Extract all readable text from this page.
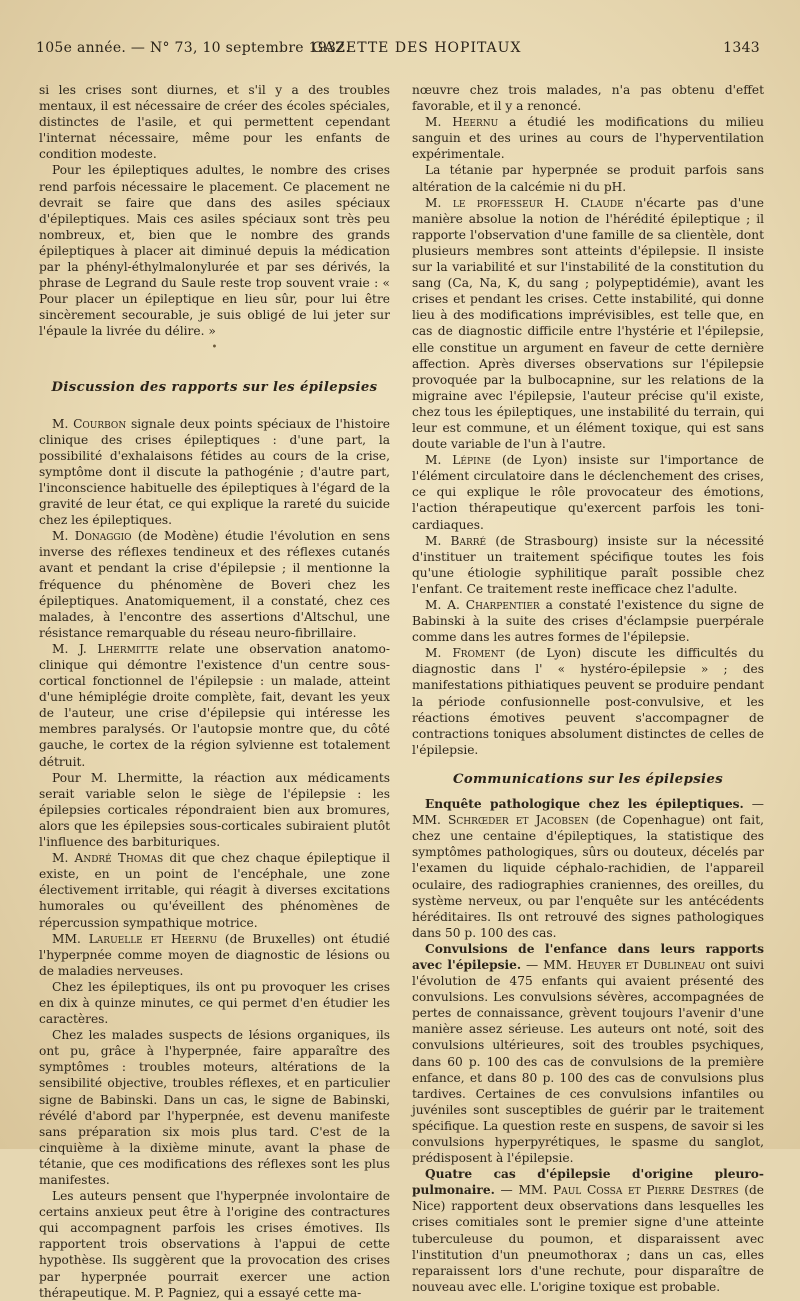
105e année. — N° 73, 10 septembre 1932.
GAZETTE DES HOPITAUX	1343

si les crises sont diurnes, et s'il y a des troubles mentaux, il est nécessaire de créer des écoles spéciales, distinctes de l'asile, et qui permettent cependant l'internat nécessaire, même pour les enfants de condition modeste.

Pour les épileptiques adultes, le nombre des crises rend parfois nécessaire le placement. Ce placement ne devrait se faire que dans des asiles spéciaux d'épileptiques. Mais ces asiles spéciaux sont très peu nombreux, et, bien que le nombre des grands épileptiques à placer ait diminué depuis la médication par la phényl-éthylmalonylurée et par ses dérivés, la phrase de Legrand du Saule reste trop souvent vraie : « Pour placer un épileptique en lieu sûr, pour lui être sincèrement secourable, je suis obligé de lui jeter sur l'épaule la livrée du délire. »

•
Discussion des rapports sur les épilepsies

M. Courbon signale deux points spéciaux de l'histoire clinique des crises épileptiques : d'une part, la possibilité d'exhalaisons fétides au cours de la crise, symptôme dont il discute la pathogénie ; d'autre part, l'inconscience habituelle des épileptiques à l'égard de la gravité de leur état, ce qui explique la rareté du suicide chez les épileptiques.

M. Donaggio (de Modène) étudie l'évolution en sens inverse des réflexes tendineux et des réflexes cutanés avant et pendant la crise d'épilepsie ; il mentionne la fréquence du phénomène de Boveri chez les épileptiques. Anatomiquement, il a constaté, chez ces malades, à l'encontre des assertions d'Altschul, une résistance remarquable du réseau neuro-fibrillaire.

M. J. Lhermitte relate une observation anatomo-clinique qui démontre l'existence d'un centre sous-cortical fonctionnel de l'épilepsie : un malade, atteint d'une hémiplégie droite complète, fait, devant les yeux de l'auteur, une crise d'épilepsie qui intéresse les membres paralysés. Or l'autopsie montre que, du côté gauche, le cortex de la région sylvienne est totalement détruit.

Pour M. Lhermitte, la réaction aux médicaments serait variable selon le siège de l'épilepsie : les épilepsies corticales répondraient bien aux bromures, alors que les épilepsies sous-corticales subiraient plutôt l'influence des barbituriques.

M. André Thomas dit que chez chaque épileptique il existe, en un point de l'encéphale, une zone électivement irritable, qui réagit à diverses excitations humorales ou qu'éveillent des phénomènes de répercussion sympathique motrice.

MM. Laruelle et Heernu (de Bruxelles) ont étudié l'hyperpnée comme moyen de diagnostic de lésions ou de maladies nerveuses.

Chez les épileptiques, ils ont pu provoquer les crises en dix à quinze minutes, ce qui permet d'en étudier les caractères.

Chez les malades suspects de lésions organiques, ils ont pu, grâce à l'hyperpnée, faire apparaître des symptômes : troubles moteurs, altérations de la sensibilité objective, troubles réflexes, et en particulier signe de Babinski. Dans un cas, le signe de Babinski, révélé d'abord par l'hyperpnée, est devenu manifeste sans préparation six mois plus tard. C'est de la cinquième à la dixième minute, avant la phase de tétanie, que ces modifications des réflexes sont les plus manifestes.

Les auteurs pensent que l'hyperpnée involontaire de certains anxieux peut être à l'origine des contractures qui accompagnent parfois les crises émotives. Ils rapportent trois observations à l'appui de cette hypothèse. Ils suggèrent que la provocation des crises par hyperpnée pourrait exercer une action thérapeutique. M. P. Pagniez, qui a essayé cette ma-

nœuvre chez trois malades, n'a pas obtenu d'effet favorable, et il y a renoncé.

M. Heernu a étudié les modifications du milieu sanguin et des urines au cours de l'hyperventilation expérimentale.

La tétanie par hyperpnée se produit parfois sans altération de la calcémie ni du pH.

M. le professeur H. Claude n'écarte pas d'une manière absolue la notion de l'hérédité épileptique ; il rapporte l'observation d'une famille de sa clientèle, dont plusieurs membres sont atteints d'épilepsie. Il insiste sur la variabilité et sur l'instabilité de la constitution du sang (Ca, Na, K, du sang ; polypeptidémie), avant les crises et pendant les crises. Cette instabilité, qui donne lieu à des modifications imprévisibles, est telle que, en cas de diagnostic difficile entre l'hystérie et l'épilepsie, elle constitue un argument en faveur de cette dernière affection. Après diverses observations sur l'épilepsie provoquée par la bulbocapnine, sur les relations de la migraine avec l'épilepsie, l'auteur précise qu'il existe, chez tous les épileptiques, une instabilité du terrain, qui leur est commune, et un élément toxique, qui est sans doute variable de l'un à l'autre.

M. Lépine (de Lyon) insiste sur l'importance de l'élément circulatoire dans le déclenchement des crises, ce qui explique le rôle provocateur des émotions, l'action thérapeutique qu'exercent parfois les toni-cardiaques.

M. Barré (de Strasbourg) insiste sur la nécessité d'instituer un traitement spécifique toutes les fois qu'une étiologie syphilitique paraît possible chez l'enfant. Ce traitement reste inefficace chez l'adulte.

M. A. Charpentier a constaté l'existence du signe de Babinski à la suite des crises d'éclampsie puerpérale comme dans les autres formes de l'épilepsie.

M. Froment (de Lyon) discute les difficultés du diagnostic dans l' « hystéro-épilepsie » ; des manifestations pithiatiques peuvent se produire pendant la période confusionnelle post-convulsive, et les réactions émotives peuvent s'accompagner de contractions toniques absolument distinctes de celles de l'épilepsie.

Communications sur les épilepsies

Enquête pathologique chez les épileptiques. — MM. Schrœder et Jacobsen (de Copenhague) ont fait, chez une centaine d'épileptiques, la statistique des symptômes pathologiques, sûrs ou douteux, décelés par l'examen du liquide céphalo-rachidien, de l'appareil oculaire, des radiographies craniennes, des oreilles, du système nerveux, ou par l'enquête sur les antécédents héréditaires. Ils ont retrouvé des signes pathologiques dans 50 p. 100 des cas.

Convulsions de l'enfance dans leurs rapports avec l'épilepsie. — MM. Heuyer et Dublineau ont suivi l'évolution de 475 enfants qui avaient présenté des convulsions. Les convulsions sévères, accompagnées de pertes de connaissance, grèvent toujours l'avenir d'une manière assez sérieuse. Les auteurs ont noté, soit des convulsions ultérieures, soit des troubles psychiques, dans 60 p. 100 des cas de convulsions de la première enfance, et dans 80 p. 100 des cas de convulsions plus tardives. Certaines de ces convulsions infantiles ou juvéniles sont susceptibles de guérir par le traitement spécifique. La question reste en suspens, de savoir si les convulsions hyperpyrétiques, le spasme du sanglot, prédisposent à l'épilepsie.

Quatre cas d'épilepsie d'origine pleuro-pulmonaire. — MM. Paul Cossa et Pierre Destres (de Nice) rapportent deux observations dans lesquelles les crises comitiales sont le premier signe d'une atteinte tuberculeuse du poumon, et disparaissent avec l'institution d'un pneumothorax ; dans un cas, elles reparaissent lors d'une rechute, pour disparaître de nouveau avec elle. L'origine toxique est probable.
